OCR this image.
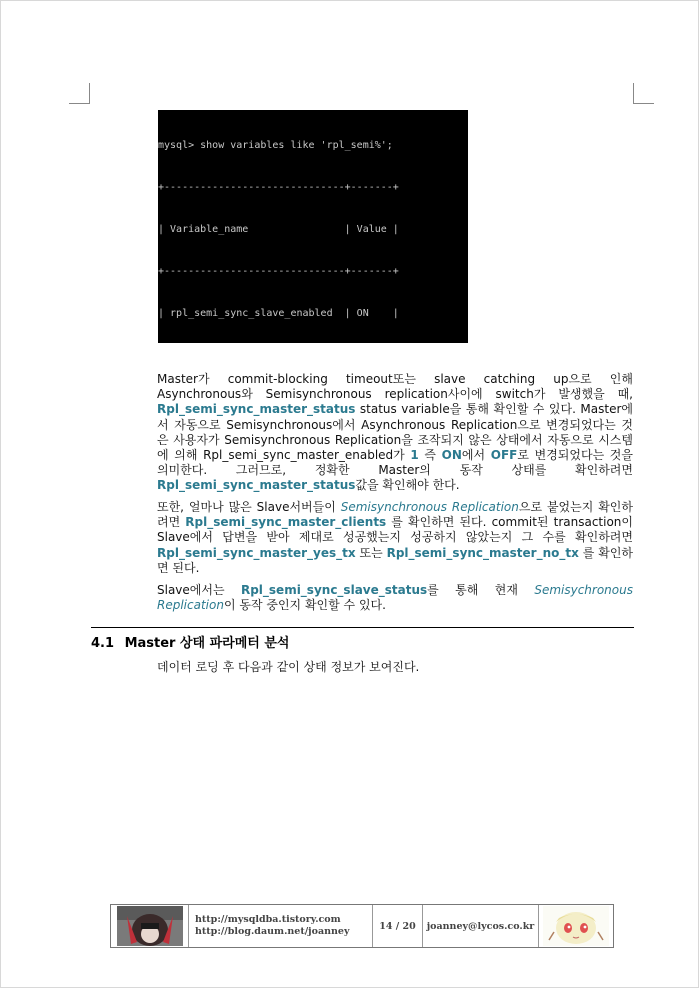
mysql> show variables like 'rpl_semi%';

+------------------------------+-------+

| Variable_name                | Value |

+------------------------------+-------+

| rpl_semi_sync_slave_enabled  | ON    |

Master가 commit-blocking timeout또는 slave catching up으로 인해 Asynchronous와 Semisynchronous replication사이에 switch가 발생했을 때, Rpl_semi_sync_master_status status variable을 통해 확인할 수 있다. Master에서 자동으로 Semisynchronous에서 Asynchronous Replication으로 변경되었다는 것은 사용자가 Semisynchronous Replication을 조작되지 않은 상태에서 자동으로 시스템에 의해 Rpl_semi_sync_master_enabled가 1 즉 ON에서 OFF로 변경되었다는 것을 의미한다. 그러므로, 정확한 Master의 동작 상태를 확인하려면 Rpl_semi_sync_master_status값을 확인해야 한다.
또한, 얼마나 많은 Slave서버들이 Semisynchronous Replication으로 붙었는지 확인하려면 Rpl_semi_sync_master_clients 를 확인하면 된다. commit된 transaction이 Slave에서 답변을 받아 제대로 성공했는지 성공하지 않았는지 그 수를 확인하려면 Rpl_semi_sync_master_yes_tx 또는 Rpl_semi_sync_master_no_tx 를 확인하면 된다.
Slave에서는 Rpl_semi_sync_slave_status를 통해 현재 Semisychronous Replication이 동작 중인지 확인할 수 있다.
4.1 Master 상태 파라메터 분석
데이터 로딩 후 다음과 같이 상태 정보가 보여진다.
http://mysqldba.tistory.com
http://blog.daum.net/joanney	14 / 20	joanney@lycos.co.kr
